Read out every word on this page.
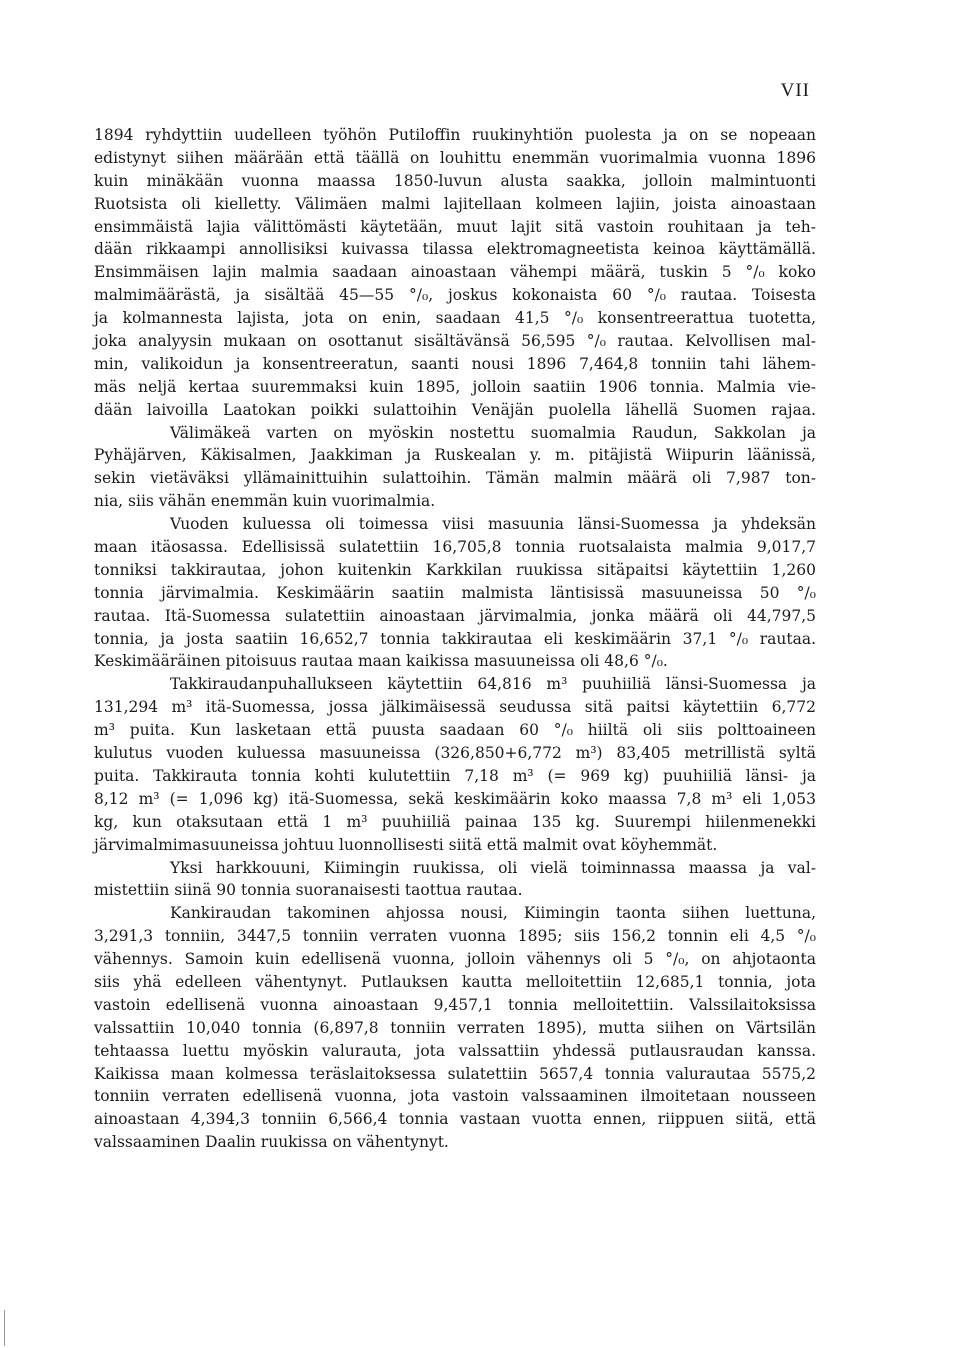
VII
1894 ryhdyttiin uudelleen työhön Putiloffin ruukinyhtiön puolesta ja on se nopeaan
edistynyt siihen määrään että täällä on louhittu enemmän vuorimalmia vuonna 1896
kuin minäkään vuonna maassa 1850-luvun alusta saakka, jolloin malmintuonti
Ruotsista oli kielletty. Välimäen malmi lajitellaan kolmeen lajiin, joista ainoastaan
ensimmäistä lajia välittömästi käytetään, muut lajit sitä vastoin rouhitaan ja teh-
dään rikkaampi annollisiksi kuivassa tilassa elektromagneetista keinoa käyttämällä.
Ensimmäisen lajin malmia saadaan ainoastaan vähempi määrä, tuskin 5 °/₀ koko
malmimäärästä, ja sisältää 45—55 °/₀, joskus kokonaista 60 °/₀ rautaa. Toisesta
ja kolmannesta lajista, jota on enin, saadaan 41,5 °/₀ konsentreerattua tuotetta,
joka analyysin mukaan on osottanut sisältävänsä 56,595 °/₀ rautaa. Kelvollisen mal-
min, valikoidun ja konsentreeratun, saanti nousi 1896 7,464,8 tonniin tahi lähem-
mäs neljä kertaa suuremmaksi kuin 1895, jolloin saatiin 1906 tonnia. Malmia vie-
dään laivoilla Laatokan poikki sulattoihin Venäjän puolella lähellä Suomen rajaa.
Välimäkeä varten on myöskin nostettu suomalmia Raudun, Sakkolan ja
Pyhäjärven, Käkisalmen, Jaakkiman ja Ruskealan y. m. pitäjistä Wiipurin läänissä,
sekin vietäväksi yllämainittuihin sulattoihin. Tämän malmin määrä oli 7,987 ton-
nia, siis vähän enemmän kuin vuorimalmia.
Vuoden kuluessa oli toimessa viisi masuunia länsi-Suomessa ja yhdeksän
maan itäosassa. Edellisissä sulatettiin 16,705,8 tonnia ruotsalaista malmia 9,017,7
tonniksi takkirautaa, johon kuitenkin Karkkilan ruukissa sitäpaitsi käytettiin 1,260
tonnia järvimalmia. Keskimäärin saatiin malmista läntisissä masuuneissa 50 °/₀
rautaa. Itä-Suomessa sulatettiin ainoastaan järvimalmia, jonka määrä oli 44,797,5
tonnia, ja josta saatiin 16,652,7 tonnia takkirautaa eli keskimäärin 37,1 °/₀ rautaa.
Keskimääräinen pitoisuus rautaa maan kaikissa masuuneissa oli 48,6 °/₀.
Takkiraudanpuhallukseen käytettiin 64,816 m³ puuhiiliä länsi-Suomessa ja
131,294 m³ itä-Suomessa, jossa jälkimäisessä seudussa sitä paitsi käytettiin 6,772
m³ puita. Kun lasketaan että puusta saadaan 60 °/₀ hiiltä oli siis polttoaineen
kulutus vuoden kuluessa masuuneissa (326,850+6,772 m³) 83,405 metrillistä syltä
puita. Takkirauta tonnia kohti kulutettiin 7,18 m³ (= 969 kg) puuhiiliä länsi- ja
8,12 m³ (= 1,096 kg) itä-Suomessa, sekä keskimäärin koko maassa 7,8 m³ eli 1,053
kg, kun otaksutaan että 1 m³ puuhiiliä painaa 135 kg. Suurempi hiilenmenekki
järvimalmimasuuneissa johtuu luonnollisesti siitä että malmit ovat köyhemmät.
Yksi harkkouuni, Kiimingin ruukissa, oli vielä toiminnassa maassa ja val-
mistettiin siinä 90 tonnia suoranaisesti taottua rautaa.
Kankiraudan takominen ahjossa nousi, Kiimingin taonta siihen luettuna,
3,291,3 tonniin, 3447,5 tonniin verraten vuonna 1895; siis 156,2 tonnin eli 4,5 °/₀
vähennys. Samoin kuin edellisenä vuonna, jolloin vähennys oli 5 °/₀, on ahjotaonta
siis yhä edelleen vähentynyt. Putlauksen kautta melloitettiin 12,685,1 tonnia, jota
vastoin edellisenä vuonna ainoastaan 9,457,1 tonnia melloitettiin. Valssilaitoksissa
valssattiin 10,040 tonnia (6,897,8 tonniin verraten 1895), mutta siihen on Värtsilän
tehtaassa luettu myöskin valurauta, jota valssattiin yhdessä putlausraudan kanssa.
Kaikissa maan kolmessa teräslaitoksessa sulatettiin 5657,4 tonnia valurautaa 5575,2
tonniin verraten edellisenä vuonna, jota vastoin valssaaminen ilmoitetaan nousseen
ainoastaan 4,394,3 tonniin 6,566,4 tonnia vastaan vuotta ennen, riippuen siitä, että
valssaaminen Daalin ruukissa on vähentynyt.
